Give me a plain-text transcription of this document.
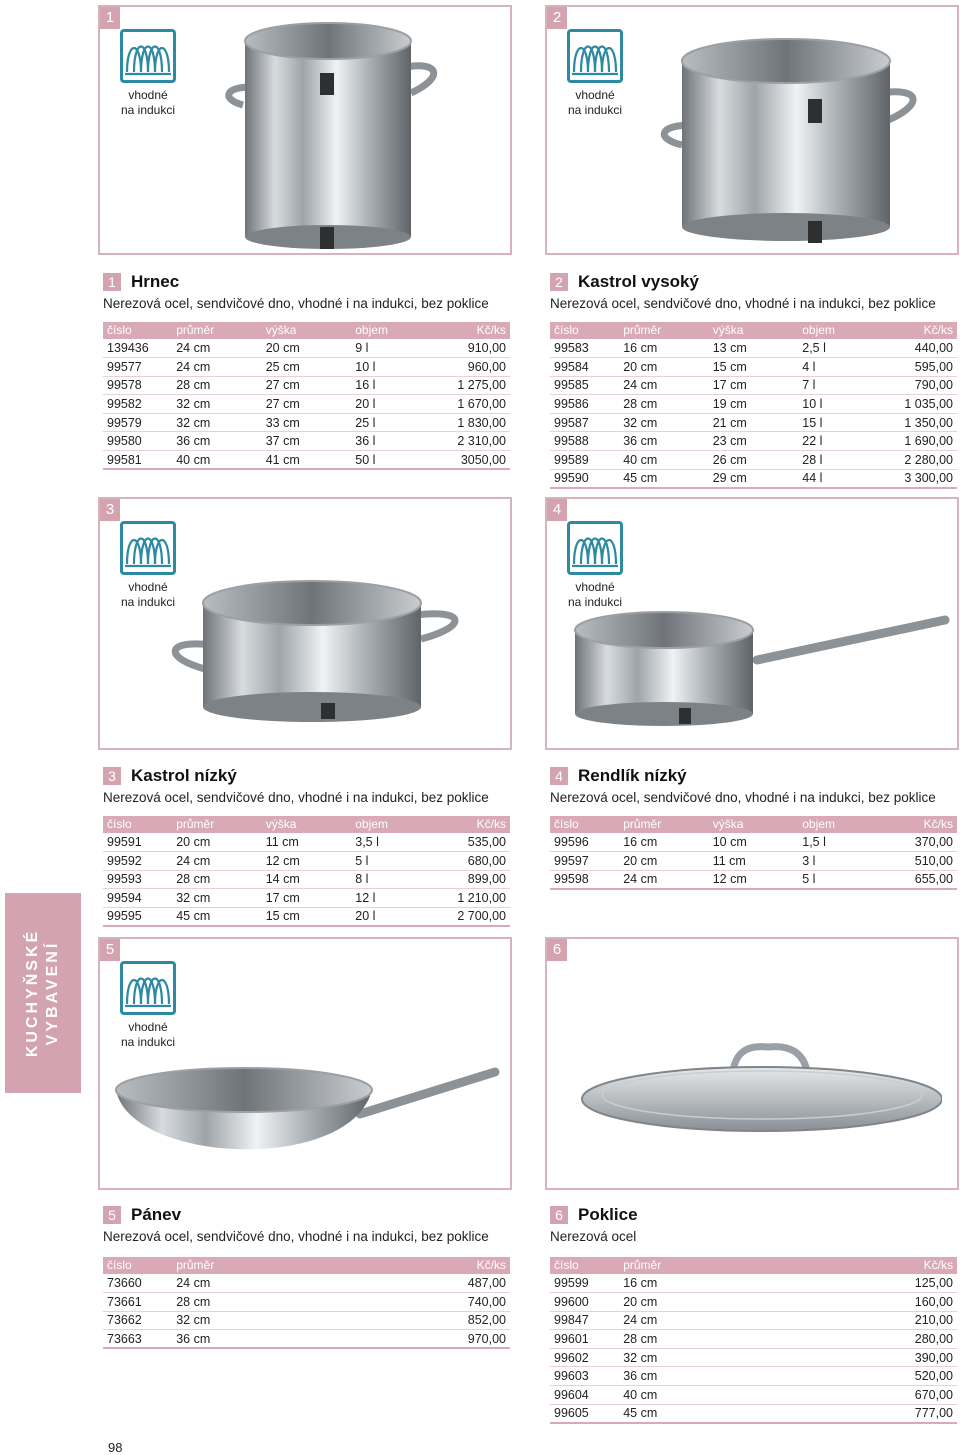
1
vhodné
na indukci
2
vhodné
na indukci
1 Hrnec
Nerezová ocel, sendvičové dno, vhodné i na indukci, bez poklice
číslo	průměr	výška	objem	Kč/ks
139436	24 cm	20 cm	9 l	910,00
99577	24 cm	25 cm	10 l	960,00
99578	28 cm	27 cm	16 l	1 275,00
99582	32 cm	27 cm	20 l	1 670,00
99579	32 cm	33 cm	25 l	1 830,00
99580	36 cm	37 cm	36 l	2 310,00
99581	40 cm	41 cm	50 l	3050,00
2 Kastrol vysoký
Nerezová ocel, sendvičové dno, vhodné i na indukci, bez poklice
číslo	průměr	výška	objem	Kč/ks
99583	16 cm	13 cm	2,5 l	440,00
99584	20 cm	15 cm	4 l	595,00
99585	24 cm	17 cm	7 l	790,00
99586	28 cm	19 cm	10 l	1 035,00
99587	32 cm	21 cm	15 l	1 350,00
99588	36 cm	23 cm	22 l	1 690,00
99589	40 cm	26 cm	28 l	2 280,00
99590	45 cm	29 cm	44 l	3 300,00
3
vhodné
na indukci
4
vhodné
na indukci
3 Kastrol nízký
Nerezová ocel, sendvičové dno, vhodné i na indukci, bez poklice
číslo	průměr	výška	objem	Kč/ks
99591	20 cm	11 cm	3,5 l	535,00
99592	24 cm	12 cm	5 l	680,00
99593	28 cm	14 cm	8 l	899,00
99594	32 cm	17 cm	12 l	1 210,00
99595	45 cm	15 cm	20 l	2 700,00
4 Rendlík nízký
Nerezová ocel, sendvičové dno, vhodné i na indukci, bez poklice
číslo	průměr	výška	objem	Kč/ks
99596	16 cm	10 cm	1,5 l	370,00
99597	20 cm	11 cm	3 l	510,00
99598	24 cm	12 cm	5 l	655,00
KUCHYŇSKÉ VYBAVENÍ	5
vhodné
na indukci
6
5 Pánev
Nerezová ocel, sendvičové dno, vhodné i na indukci, bez poklice
číslo	průměr	Kč/ks
73660	24 cm	487,00
73661	28 cm	740,00
73662	32 cm	852,00
73663	36 cm	970,00
6 Poklice
Nerezová ocel
číslo	průměr	Kč/ks
99599	16 cm	125,00
99600	20 cm	160,00
99847	24 cm	210,00
99601	28 cm	280,00
99602	32 cm	390,00
99603	36 cm	520,00
99604	40 cm	670,00
99605	45 cm	777,00
98
